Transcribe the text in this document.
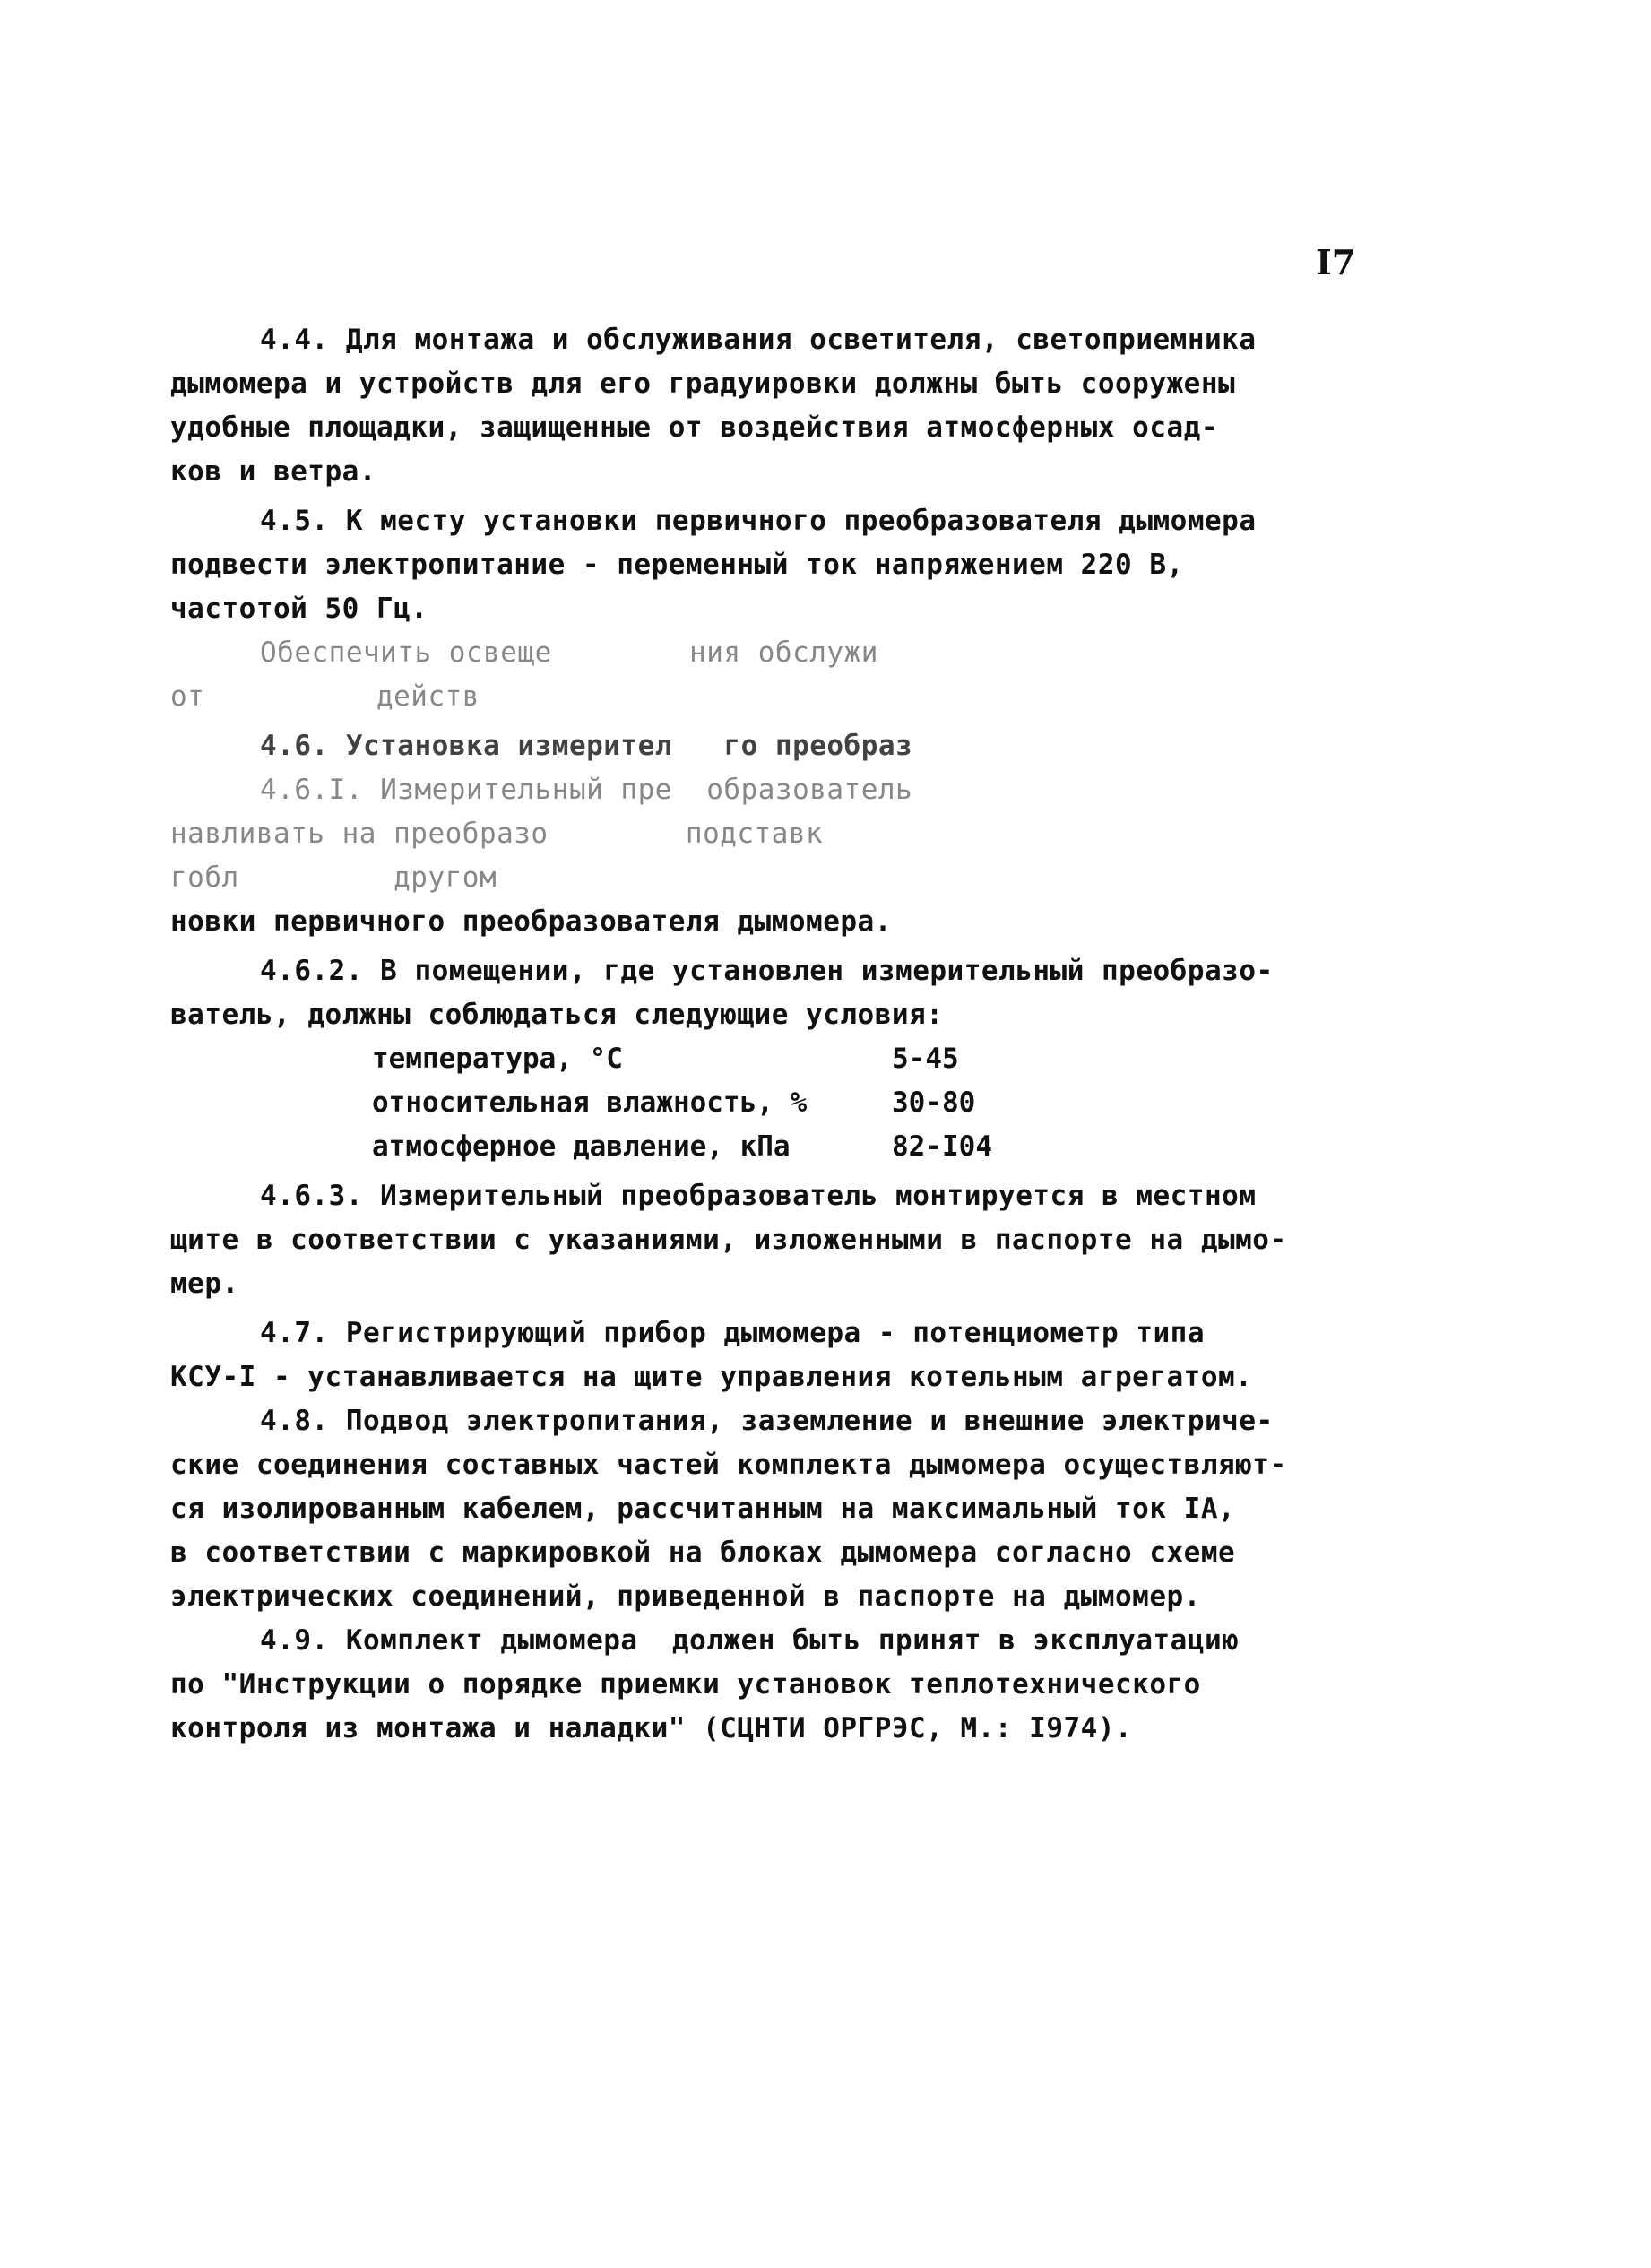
I7
4.4. Для монтажа и обслуживания осветителя, светоприемника
дымомера и устройств для его градуировки должны быть сооружены
удобные площадки, защищенные от воздействия атмосферных осад-
ков и ветра.
4.5. К месту установки первичного преобразователя дымомера
подвести электропитание - переменный ток напряжением 220 В,
частотой 50 Гц.
Обеспечить освеще        ния обслужи
от          действ
4.6. Установка измерител   го преобраз
4.6.I. Измерительный пре  образователь
навливать на преобразо        подставк
гобл         другом
новки первичного преобразователя дымомера.
4.6.2. В помещении, где установлен измерительный преобразо-
ватель, должны соблюдаться следующие условия:
температура, °С	5-45
относительная влажность, %	30-80
атмосферное давление, кПа	82-I04
4.6.3. Измерительный преобразователь монтируется в местном
щите в соответствии с указаниями, изложенными в паспорте на дымо-
мер.
4.7. Регистрирующий прибор дымомера - потенциометр типа
КСУ-I - устанавливается на щите управления котельным агрегатом.
4.8. Подвод электропитания, заземление и внешние электриче-
ские соединения составных частей комплекта дымомера осуществляют-
ся изолированным кабелем, рассчитанным на максимальный ток IA,
в соответствии с маркировкой на блоках дымомера согласно схеме
электрических соединений, приведенной в паспорте на дымомер.
4.9. Комплект дымомера  должен быть принят в эксплуатацию
по "Инструкции о порядке приемки установок теплотехнического
контроля из монтажа и наладки" (СЦНТИ ОРГРЭС, М.: I974).
